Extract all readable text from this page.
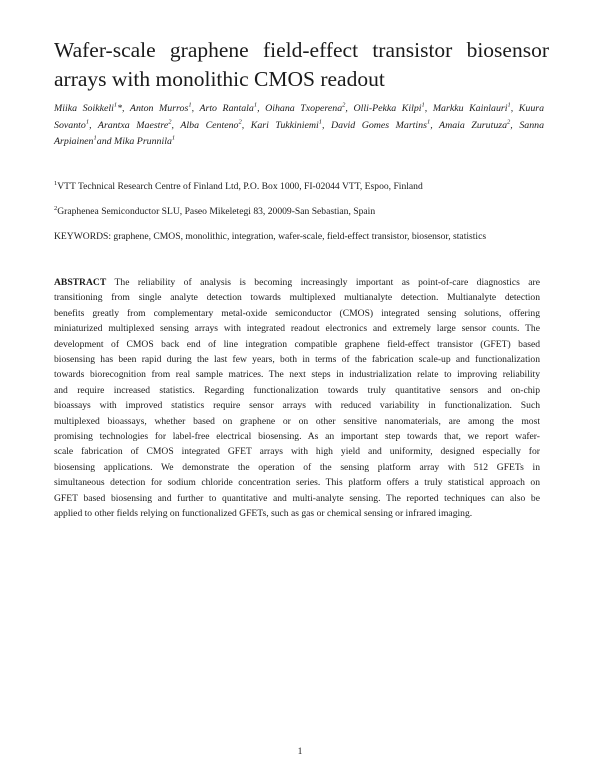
Wafer-scale graphene field-effect transistor biosensor
arrays with monolithic CMOS readout
Miika Soikkeli$^1$*, Anton Murros$^1$, Arto Rantala$^1$, Oihana Txoperena$^2$, Olli-Pekka Kilpi$^1$, Markku Kainlauri$^1$, Kuura
Sovanto$^1$, Arantxa Maestre$^2$, Alba Centeno$^2$, Kari Tukkiniemi$^1$, David Gomes Martins$^1$, Amaia Zurutuza$^2$, Sanna
Arpiainen$^1$and Mika Prunnila$^1$
$^1$VTT Technical Research Centre of Finland Ltd, P.O. Box 1000, FI-02044 VTT, Espoo, Finland
$^2$Graphenea Semiconductor SLU, Paseo Mikeletegi 83, 20009-San Sebastian, Spain
KEYWORDS: graphene, CMOS, monolithic, integration, wafer-scale, field-effect transistor, biosensor, statistics
ABSTRACT The reliability of analysis is becoming increasingly important as point-of-care diagnostics are
transitioning from single analyte detection towards multiplexed multianalyte detection. Multianalyte detection
benefits greatly from complementary metal-oxide semiconductor (CMOS) integrated sensing solutions, offering
miniaturized multiplexed sensing arrays with integrated readout electronics and extremely large sensor counts. The
development of CMOS back end of line integration compatible graphene field-effect transistor (GFET) based
biosensing has been rapid during the last few years, both in terms of the fabrication scale-up and functionalization
towards biorecognition from real sample matrices. The next steps in industrialization relate to improving reliability
and require increased statistics. Regarding functionalization towards truly quantitative sensors and on-chip
bioassays with improved statistics require sensor arrays with reduced variability in functionalization. Such
multiplexed bioassays, whether based on graphene or on other sensitive nanomaterials, are among the most
promising technologies for label-free electrical biosensing. As an important step towards that, we report wafer-
scale fabrication of CMOS integrated GFET arrays with high yield and uniformity, designed especially for
biosensing applications. We demonstrate the operation of the sensing platform array with 512 GFETs in
simultaneous detection for sodium chloride concentration series. This platform offers a truly statistical approach on
GFET based biosensing and further to quantitative and multi-analyte sensing. The reported techniques can also be
applied to other fields relying on functionalized GFETs, such as gas or chemical sensing or infrared imaging.
1
